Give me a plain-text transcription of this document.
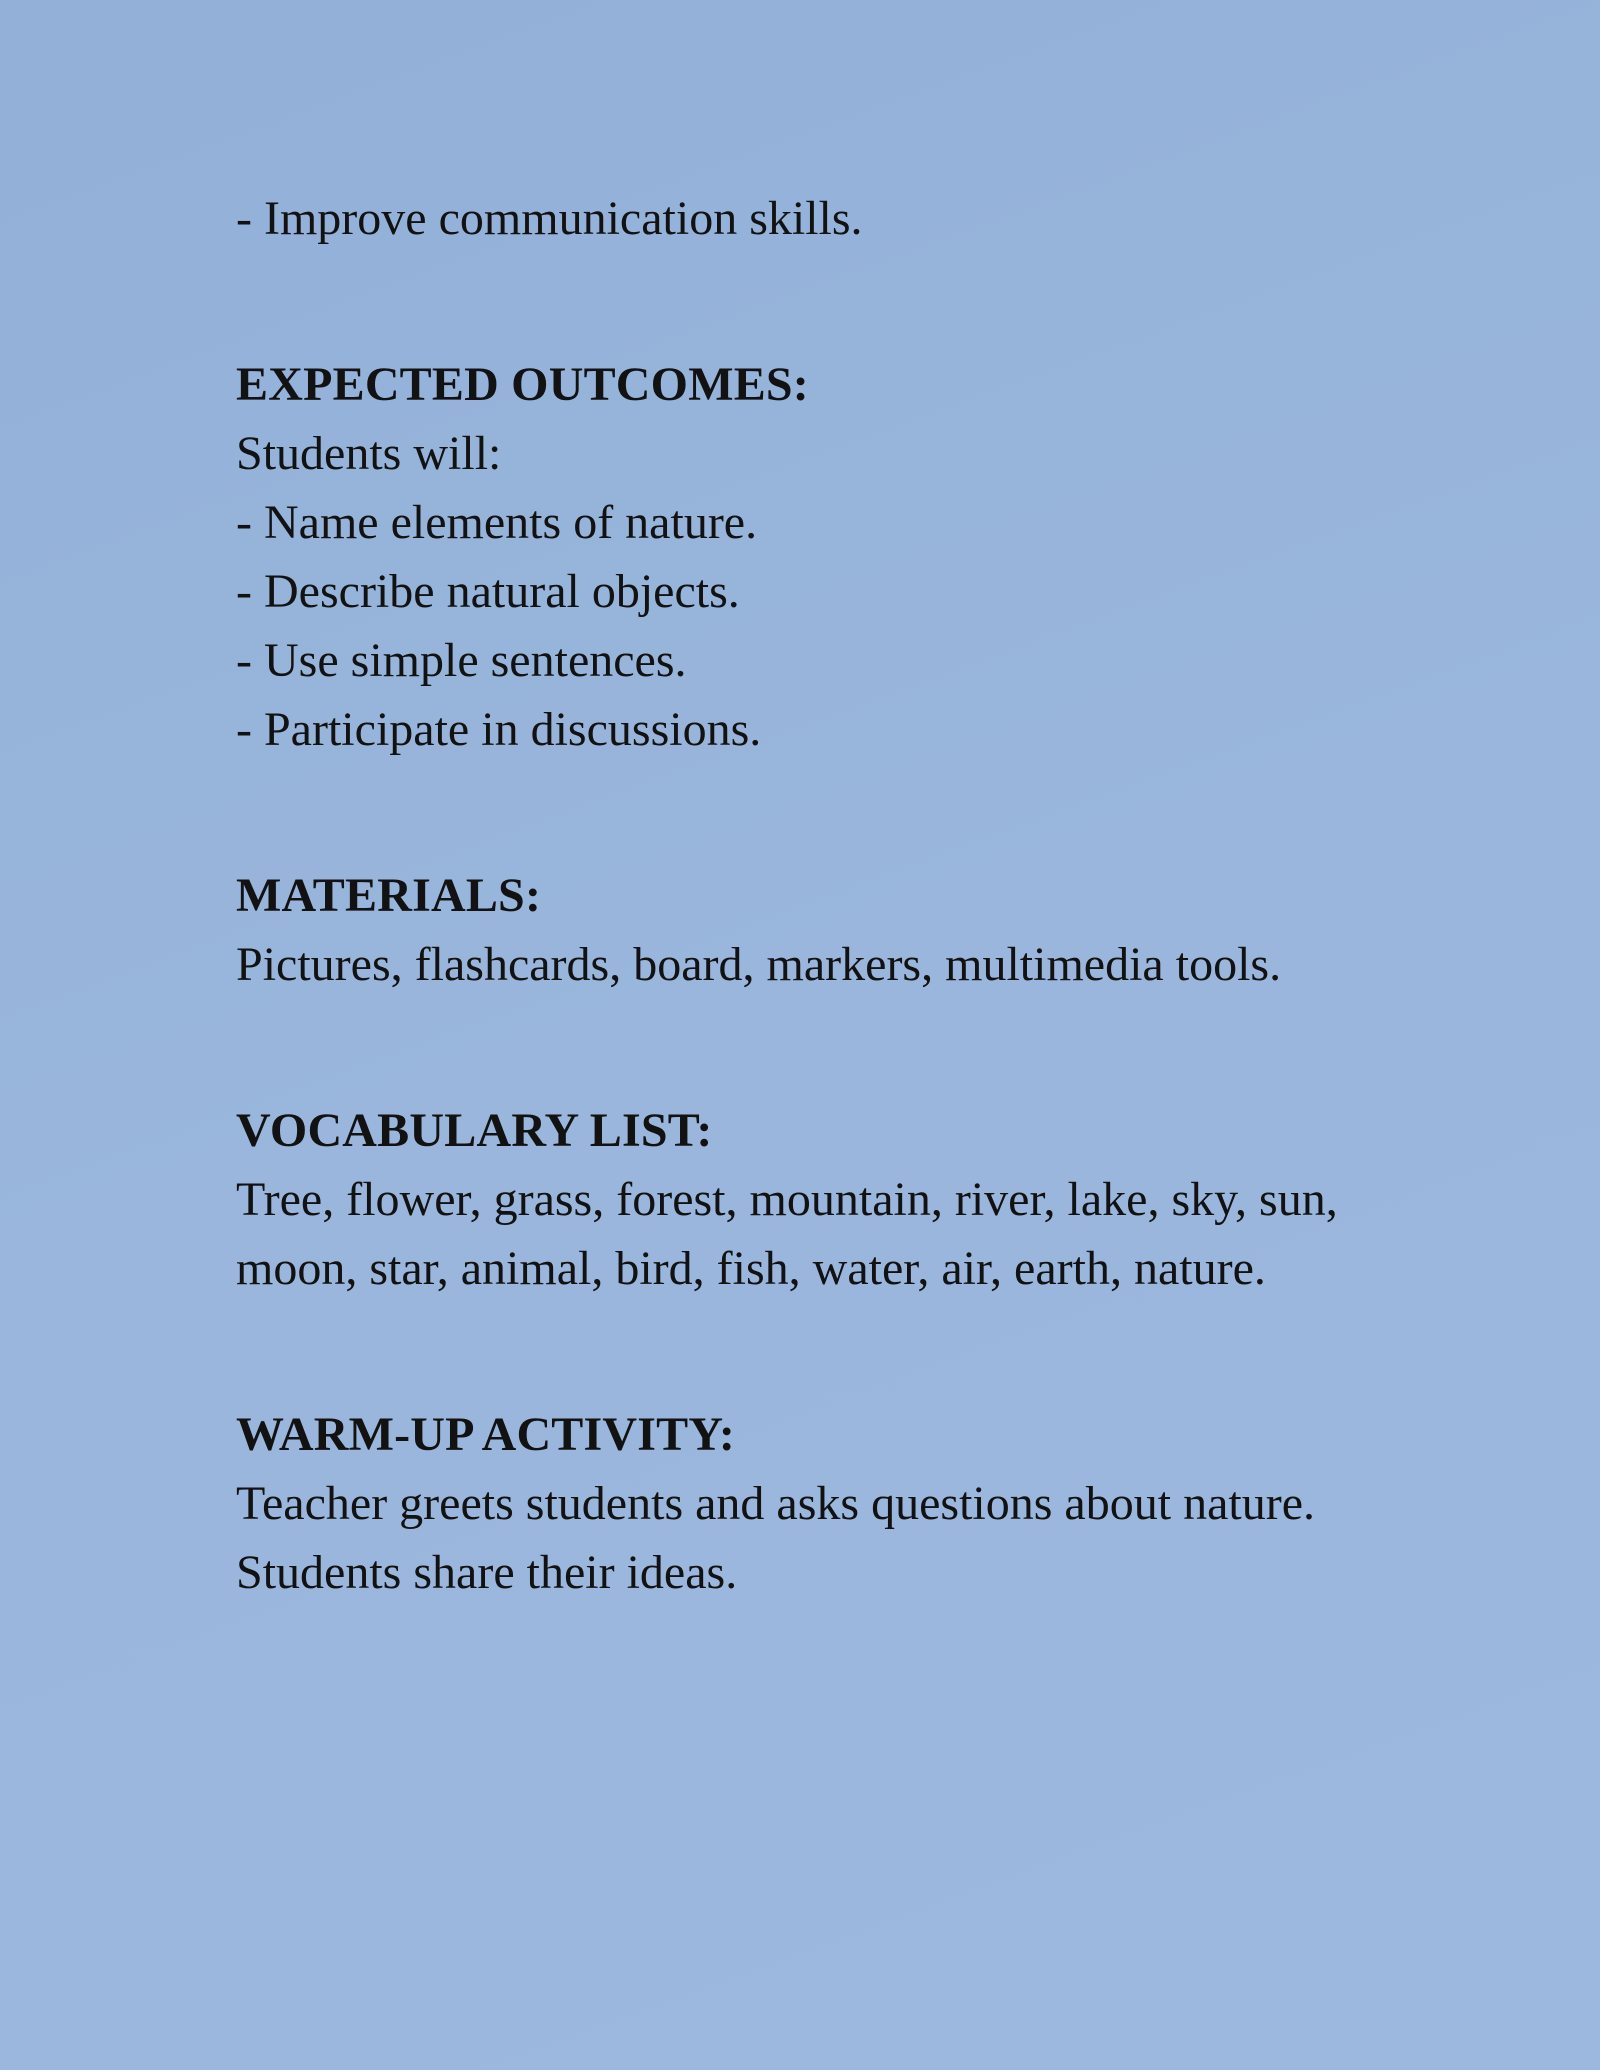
- Improve communication skills.
EXPECTED OUTCOMES:
Students will:
- Name elements of nature.
- Describe natural objects.
- Use simple sentences.
- Participate in discussions.
MATERIALS:

Pictures, flashcards, board, markers, multimedia tools.

VOCABULARY LIST:

Tree, flower, grass, forest, mountain, river, lake, sky, sun, moon, star, animal, bird, fish, water, air, earth, nature.

WARM-UP ACTIVITY:

Teacher greets students and asks questions about nature. Students share their ideas.
